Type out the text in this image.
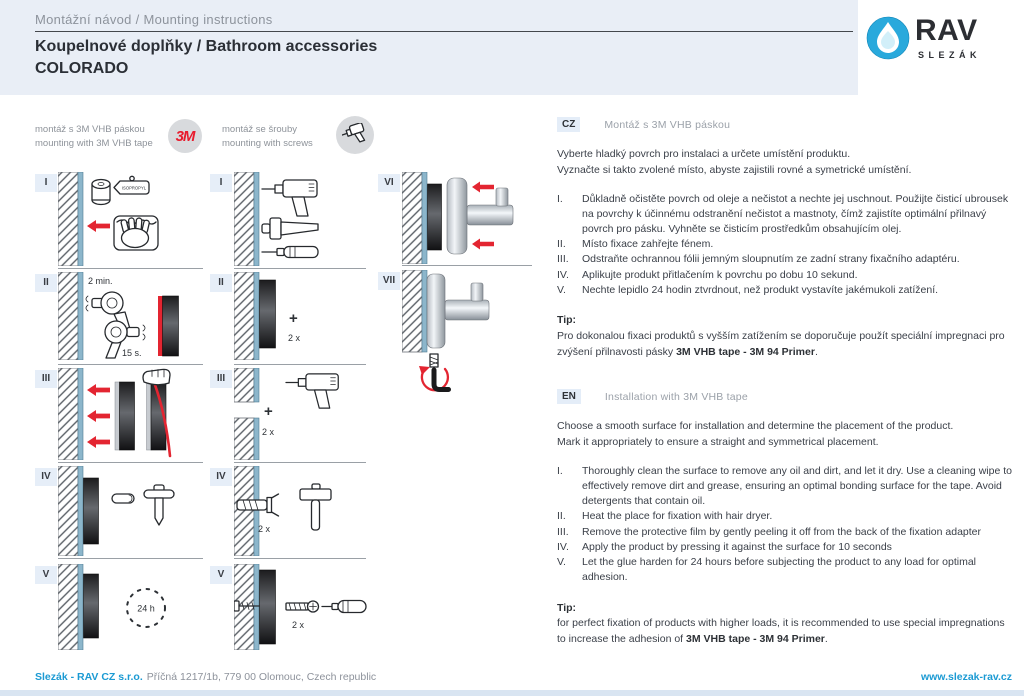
Montážní návod / Mounting instructions
Koupelnové doplňky / Bathroom accessories
COLORADO
RAV
SLEZÁK
montáž s 3M VHB páskou
mounting with 3M VHB tape 3M	montáž se šrouby
mounting with screws
I	ISOPROPYL
II	2 min.
15 s.
III
IV
V
24 h
I
II
+
2 x
III
+
2 x
IV
2 x
V
2 x
VI
VII
CZ	Montáž s 3M VHB páskou

Vyberte hladký povrch pro instalaci a určete umístění produktu.

Vyznačte si takto zvolené místo, abyste zajistili rovné a symetrické umístění.

I.	Důkladně očistěte povrch od oleje a nečistot a nechte jej uschnout. Použijte čisticí ubrousek na povrchy k účinnému odstranění nečistot a mastnoty, čímž zajistíte optimální přilnavý povrch pro pásku. Vyhněte se čisticím prostředkům obsahujícím olej.
II.	Místo fixace zahřejte fénem.
III.	Odstraňte ochrannou fólii jemným sloupnutím ze zadní strany fixačního adaptéru.
IV.	Aplikujte produkt přitlačením k povrchu po dobu 10 sekund.
V.	Nechte lepidlo 24 hodin ztvrdnout, než produkt vystavíte jakémukoli zatížení.
Tip:
Pro dokonalou fixaci produktů s vyšším zatížením se doporučuje použít speciální impregnaci pro zvýšení přilnavosti pásky 3M VHB tape - 3M 94 Primer.
EN	Installation with 3M VHB tape

Choose a smooth surface for installation and determine the placement of the product.

Mark it appropriately to ensure a straight and symmetrical placement.

I.	Thoroughly clean the surface to remove any oil and dirt, and let it dry. Use a cleaning wipe to effectively remove dirt and grease, ensuring an optimal bonding surface for the tape. Avoid detergents that contain oil.
II.	Heat the place for fixation with hair dryer.
III.	Remove the protective film by gently peeling it off from the back of the fixation adapter
IV.	Apply the product by pressing it against the surface for 10 seconds
V.	Let the glue harden for 24 hours before subjecting the product to any load for optimal adhesion.
Tip:
for perfect fixation of products with higher loads, it is recommended to use special impregnations to increase the adhesion of 3M VHB tape - 3M 94 Primer.
Slezák - RAV CZ s.r.o. Příčná 1217/1b, 779 00 Olomouc, Czech republic	www.slezak-rav.cz
